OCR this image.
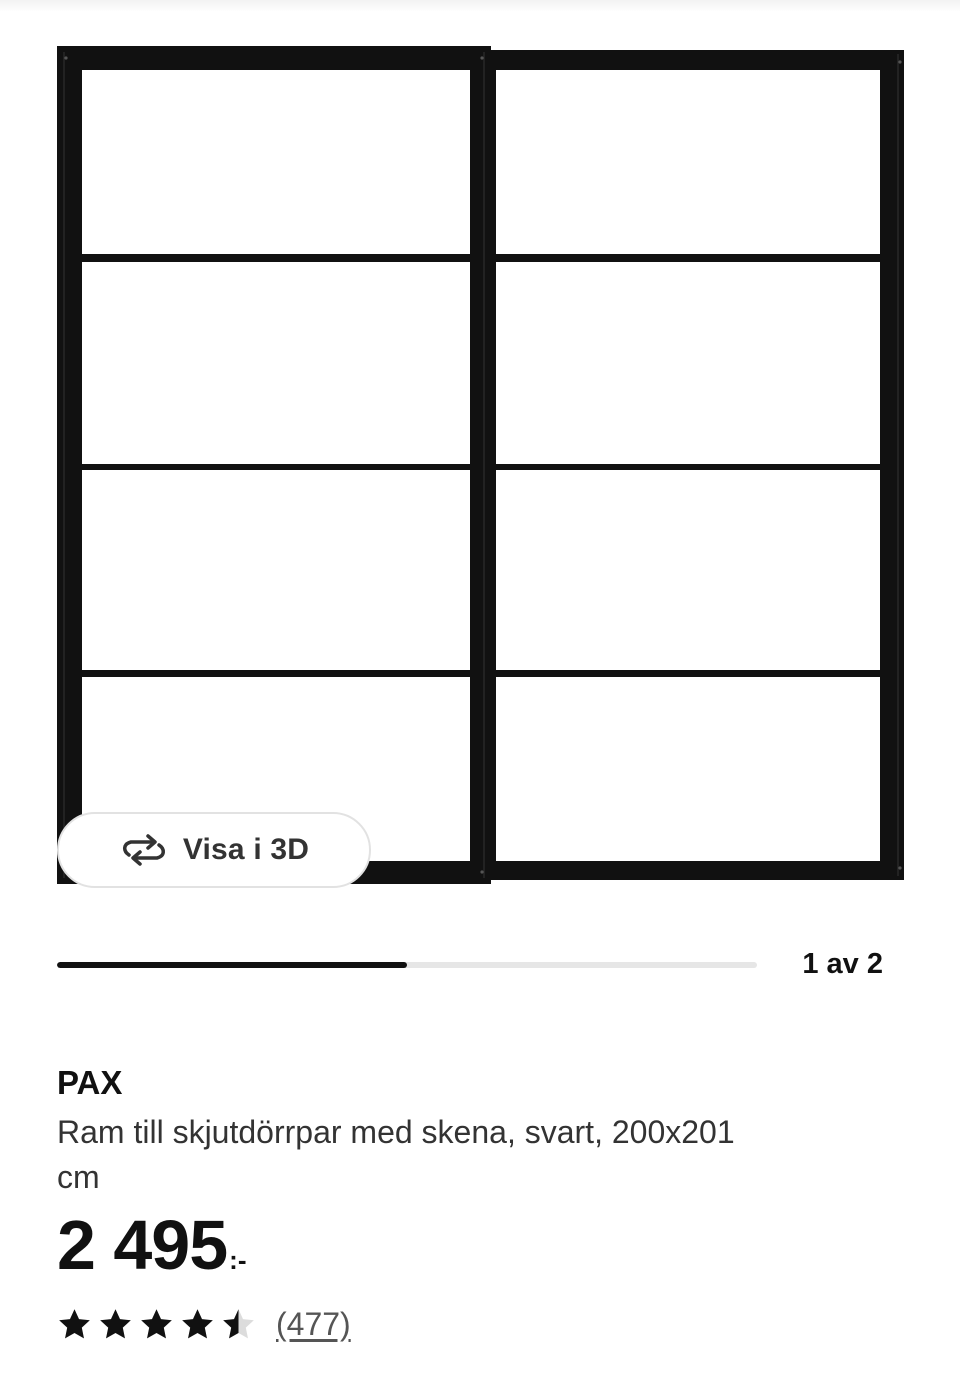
Visa i 3D
1 av 2
PAX
Ram till skjutdörrpar med skena, svart, 200x201 cm
2 495 :-
(477)
